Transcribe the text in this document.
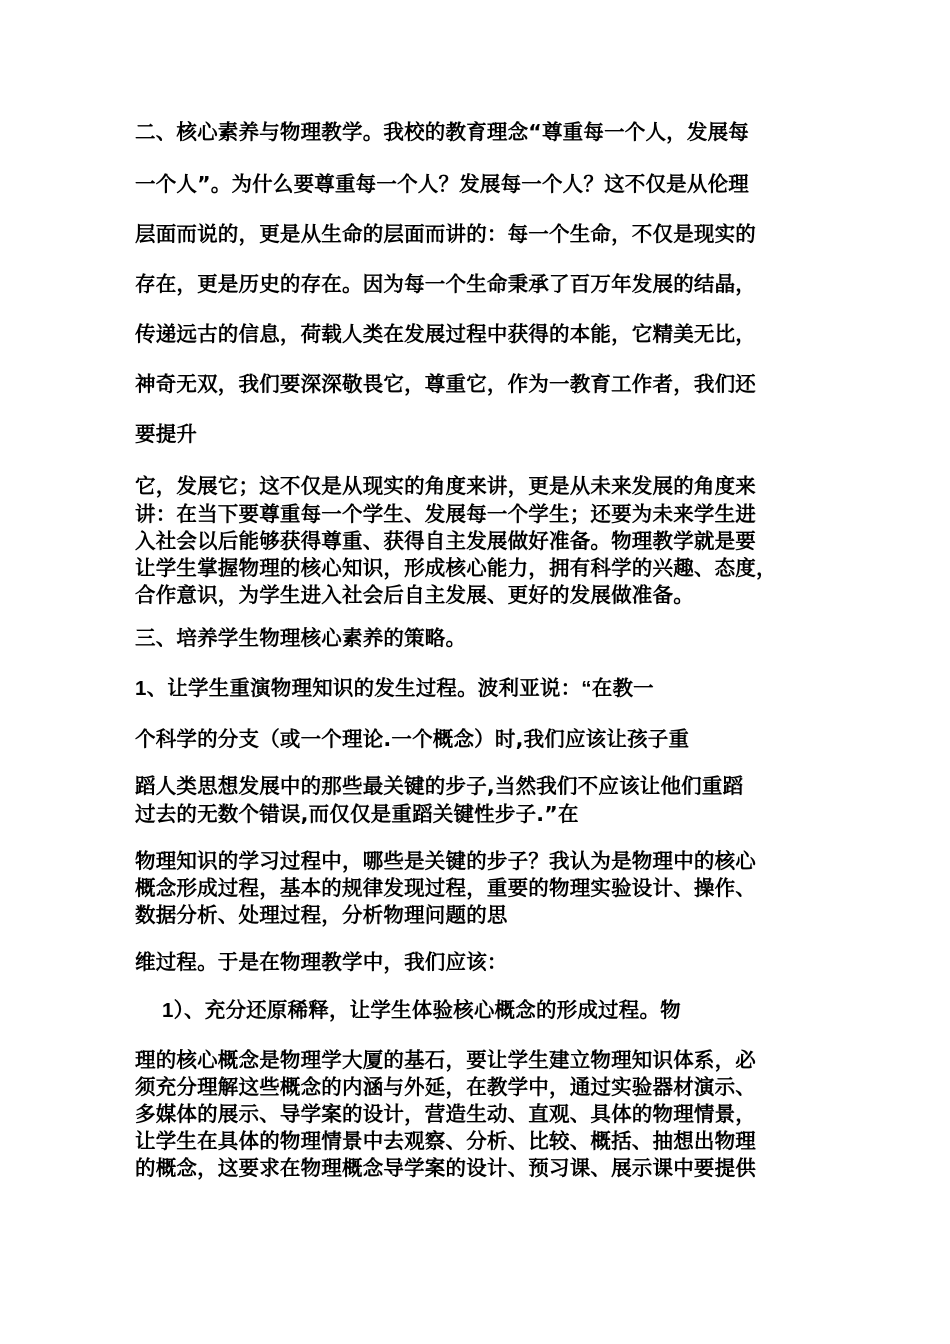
二、核心素养与物理教学。我校的教育理念“尊重每一个人，发展每
一个人”。为什么要尊重每一个人？发展每一个人？这不仅是从伦理
层面而说的，更是从生命的层面而讲的：每一个生命，不仅是现实的
存在，更是历史的存在。因为每一个生命秉承了百万年发展的结晶，
传递远古的信息，荷载人类在发展过程中获得的本能，它精美无比，
神奇无双，我们要深深敬畏它，尊重它，作为一教育工作者，我们还
要提升
它，发展它；这不仅是从现实的角度来讲，更是从未来发展的角度来
讲：在当下要尊重每一个学生、发展每一个学生；还要为未来学生进
入社会以后能够获得尊重、获得自主发展做好准备。物理教学就是要
让学生掌握物理的核心知识，形成核心能力，拥有科学的兴趣、态度，
合作意识，为学生进入社会后自主发展、更好的发展做准备。
三、培养学生物理核心素养的策略。
1、让学生重演物理知识的发生过程。波利亚说：“在教一
个科学的分支（或一个理论.一个概念）时,我们应该让孩子重
蹈人类思想发展中的那些最关键的步子,当然我们不应该让他们重蹈
过去的无数个错误,而仅仅是重蹈关键性步子.”在
物理知识的学习过程中，哪些是关键的步子？我认为是物理中的核心
概念形成过程，基本的规律发现过程，重要的物理实验设计、操作、
数据分析、处理过程，分析物理问题的思
维过程。于是在物理教学中，我们应该：
1）、充分还原稀释，让学生体验核心概念的形成过程。物
理的核心概念是物理学大厦的基石，要让学生建立物理知识体系，必
须充分理解这些概念的内涵与外延，在教学中，通过实验器材演示、
多媒体的展示、导学案的设计，营造生动、直观、具体的物理情景，
让学生在具体的物理情景中去观察、分析、比较、概括、抽想出物理
的概念，这要求在物理概念导学案的设计、预习课、展示课中要提供
